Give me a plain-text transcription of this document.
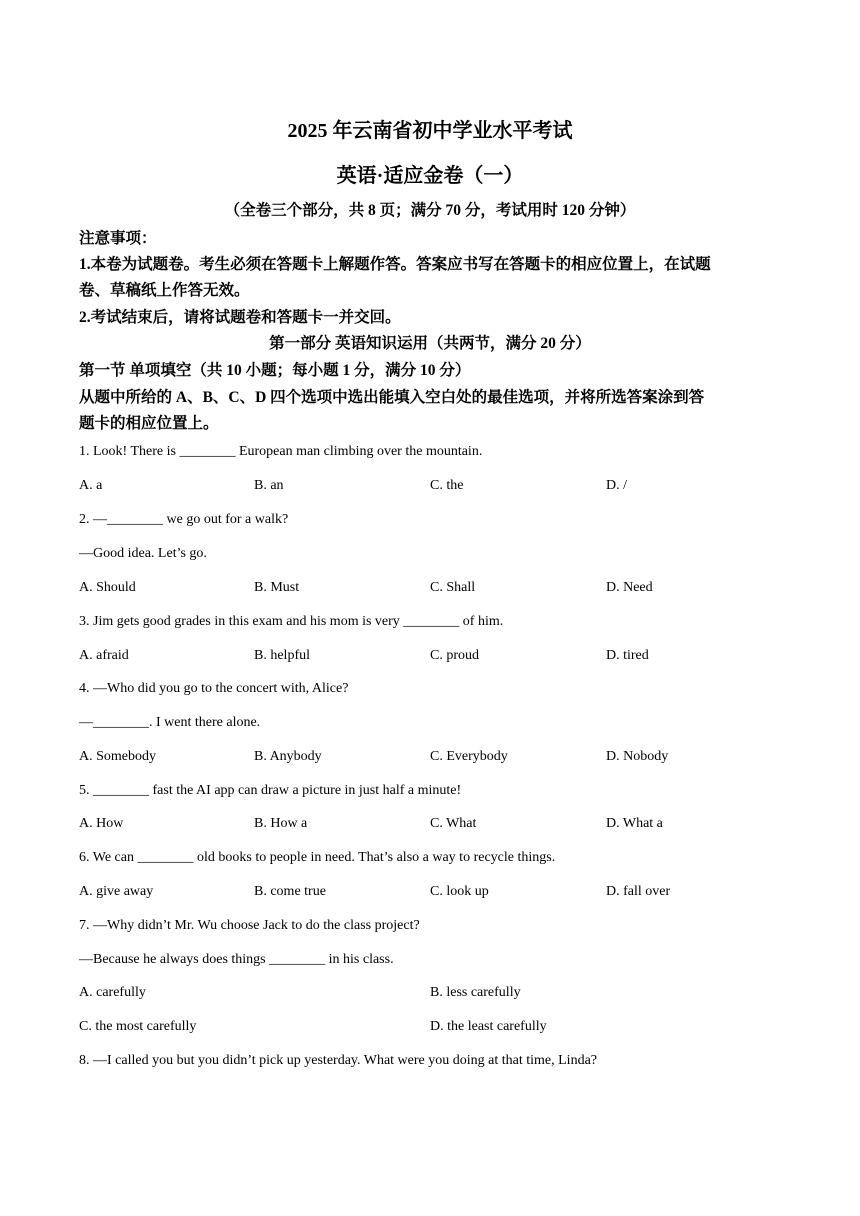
2025 年云南省初中学业水平考试
英语·适应金卷（一）
（全卷三个部分，共 8 页；满分 70 分，考试用时 120 分钟）
注意事项：
1.本卷为试题卷。考生必须在答题卡上解题作答。答案应书写在答题卡的相应位置上，在试题
卷、草稿纸上作答无效。
2.考试结束后，请将试题卷和答题卡一并交回。
第一部分 英语知识运用（共两节，满分 20 分）
第一节 单项填空（共 10 小题；每小题 1 分，满分 10 分）
从题中所给的 A、B、C、D 四个选项中选出能填入空白处的最佳选项，并将所选答案涂到答
题卡的相应位置上。
1. Look! There is ________ European man climbing over the mountain.
A. a	B. an	C. the	D. /
2. —________ we go out for a walk?
—Good idea. Let’s go.
A. Should	B. Must	C. Shall	D. Need
3. Jim gets good grades in this exam and his mom is very ________ of him.
A. afraid	B. helpful	C. proud	D. tired
4. —Who did you go to the concert with, Alice?
—________. I went there alone.
A. Somebody	B. Anybody	C. Everybody	D. Nobody
5. ________ fast the AI app can draw a picture in just half a minute!
A. How	B. How a	C. What	D. What a
6. We can ________ old books to people in need. That’s also a way to recycle things.
A. give away	B. come true	C. look up	D. fall over
7. —Why didn’t Mr. Wu choose Jack to do the class project?
—Because he always does things ________ in his class.
A. carefully	B. less carefully
C. the most carefully	D. the least carefully
8. —I called you but you didn’t pick up yesterday. What were you doing at that time, Linda?
